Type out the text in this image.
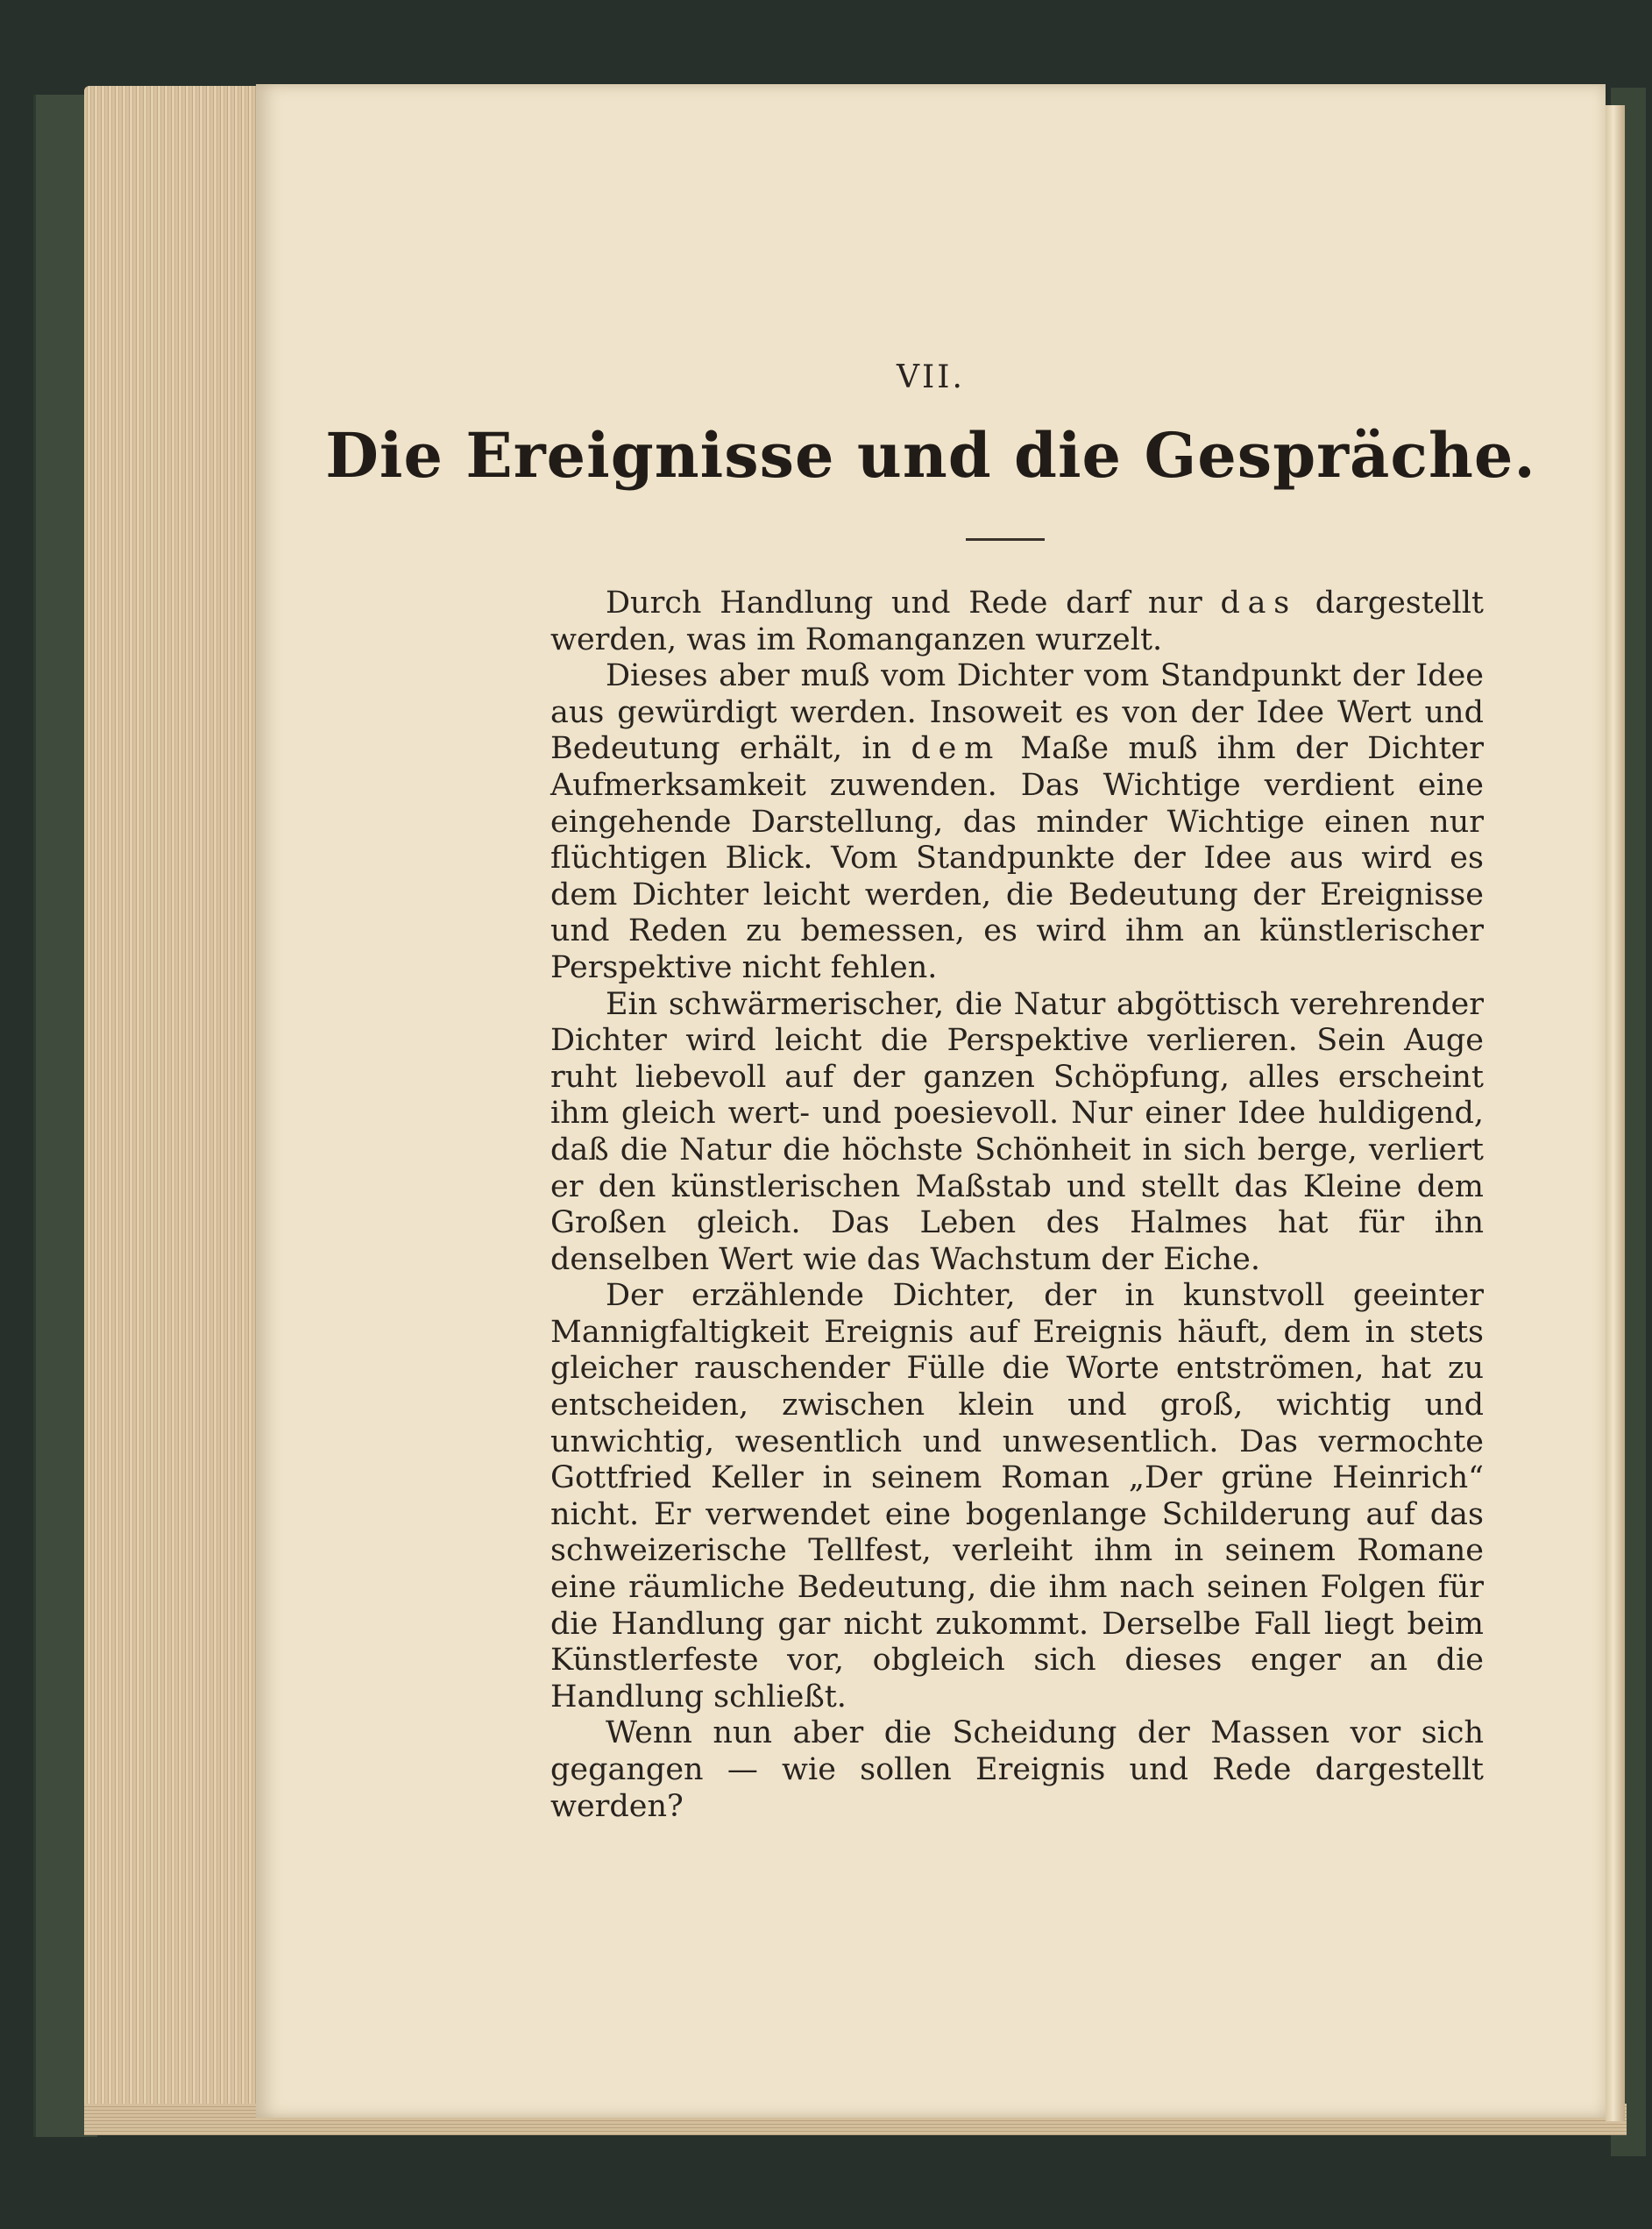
VII.
Die Ereignisse und die Gespräche.

Durch Handlung und Rede darf nur das dargestellt werden, was im Romanganzen wurzelt.

Dieses aber muß vom Dichter vom Standpunkt der Idee aus gewürdigt werden. Insoweit es von der Idee Wert und Bedeutung erhält, in dem Maße muß ihm der Dichter Aufmerksamkeit zuwenden. Das Wichtige verdient eine eingehende Darstellung, das minder Wichtige einen nur flüchtigen Blick. Vom Standpunkte der Idee aus wird es dem Dichter leicht werden, die Bedeutung der Ereignisse und Reden zu bemessen, es wird ihm an künstlerischer Perspektive nicht fehlen.

Ein schwärmerischer, die Natur abgöttisch verehrender Dichter wird leicht die Perspektive verlieren. Sein Auge ruht liebevoll auf der ganzen Schöpfung, alles erscheint ihm gleich wert- und poesievoll. Nur einer Idee huldigend, daß die Natur die höchste Schönheit in sich berge, verliert er den künstlerischen Maßstab und stellt das Kleine dem Großen gleich. Das Leben des Halmes hat für ihn denselben Wert wie das Wachstum der Eiche.

Der erzählende Dichter, der in kunstvoll geeinter Mannigfaltigkeit Ereignis auf Ereignis häuft, dem in stets gleicher rauschender Fülle die Worte entströmen, hat zu entscheiden, zwischen klein und groß, wichtig und unwichtig, wesentlich und unwesentlich. Das vermochte Gottfried Keller in seinem Roman „Der grüne Heinrich“ nicht. Er verwendet eine bogenlange Schilderung auf das schweizerische Tellfest, verleiht ihm in seinem Romane eine räumliche Bedeutung, die ihm nach seinen Folgen für die Handlung gar nicht zukommt. Derselbe Fall liegt beim Künstlerfeste vor, obgleich sich dieses enger an die Handlung schließt.

Wenn nun aber die Scheidung der Massen vor sich gegangen — wie sollen Ereignis und Rede dargestellt werden?
